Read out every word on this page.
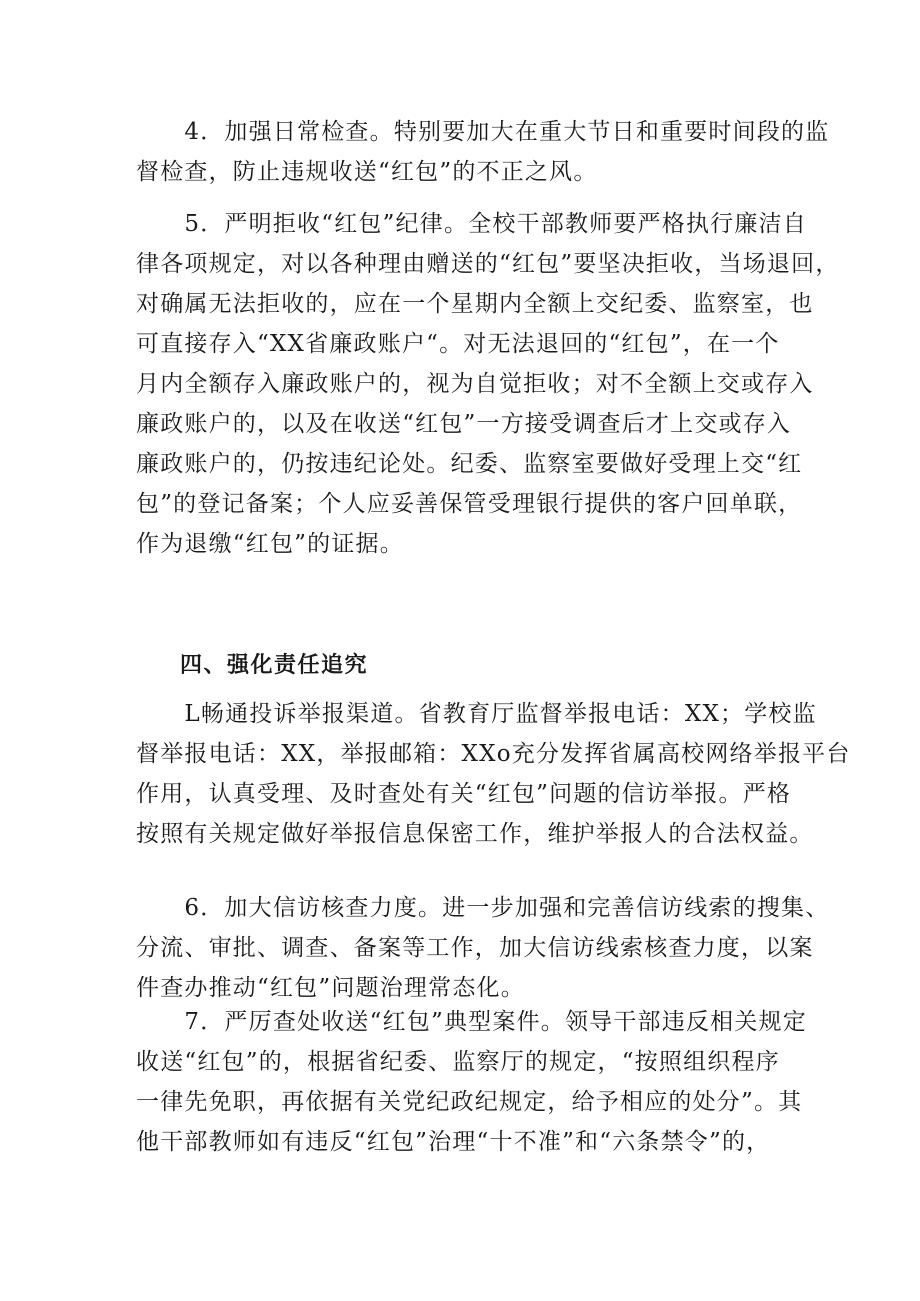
　　4．加强日常检查。特别要加大在重大节日和重要时间段的监
督检查，防止违规收送“红包”的不正之风。
　　5．严明拒收“红包”纪律。全校干部教师要严格执行廉洁自
律各项规定，对以各种理由赠送的“红包”要坚决拒收，当场退回，
对确属无法拒收的，应在一个星期内全额上交纪委、监察室，也
可直接存入“XX省廉政账户“。对无法退回的“红包”，在一个
月内全额存入廉政账户的，视为自觉拒收；对不全额上交或存入
廉政账户的，以及在收送“红包”一方接受调查后才上交或存入
廉政账户的，仍按违纪论处。纪委、监察室要做好受理上交“红
包”的登记备案；个人应妥善保管受理银行提供的客户回单联，
作为退缴“红包”的证据。
四、强化责任追究
　　L畅通投诉举报渠道。省教育厅监督举报电话：XX；学校监
督举报电话：XX，举报邮箱：XXo充分发挥省属高校网络举报平台
作用，认真受理、及时查处有关“红包”问题的信访举报。严格
按照有关规定做好举报信息保密工作，维护举报人的合法权益。
　　6．加大信访核查力度。进一步加强和完善信访线索的搜集、
分流、审批、调查、备案等工作，加大信访线索核查力度，以案
件查办推动“红包”问题治理常态化。
　　7．严厉查处收送“红包”典型案件。领导干部违反相关规定
收送“红包”的，根据省纪委、监察厅的规定，“按照组织程序
一律先免职，再依据有关党纪政纪规定，给予相应的处分”。其
他干部教师如有违反“红包”治理“十不准”和“六条禁令”的，
